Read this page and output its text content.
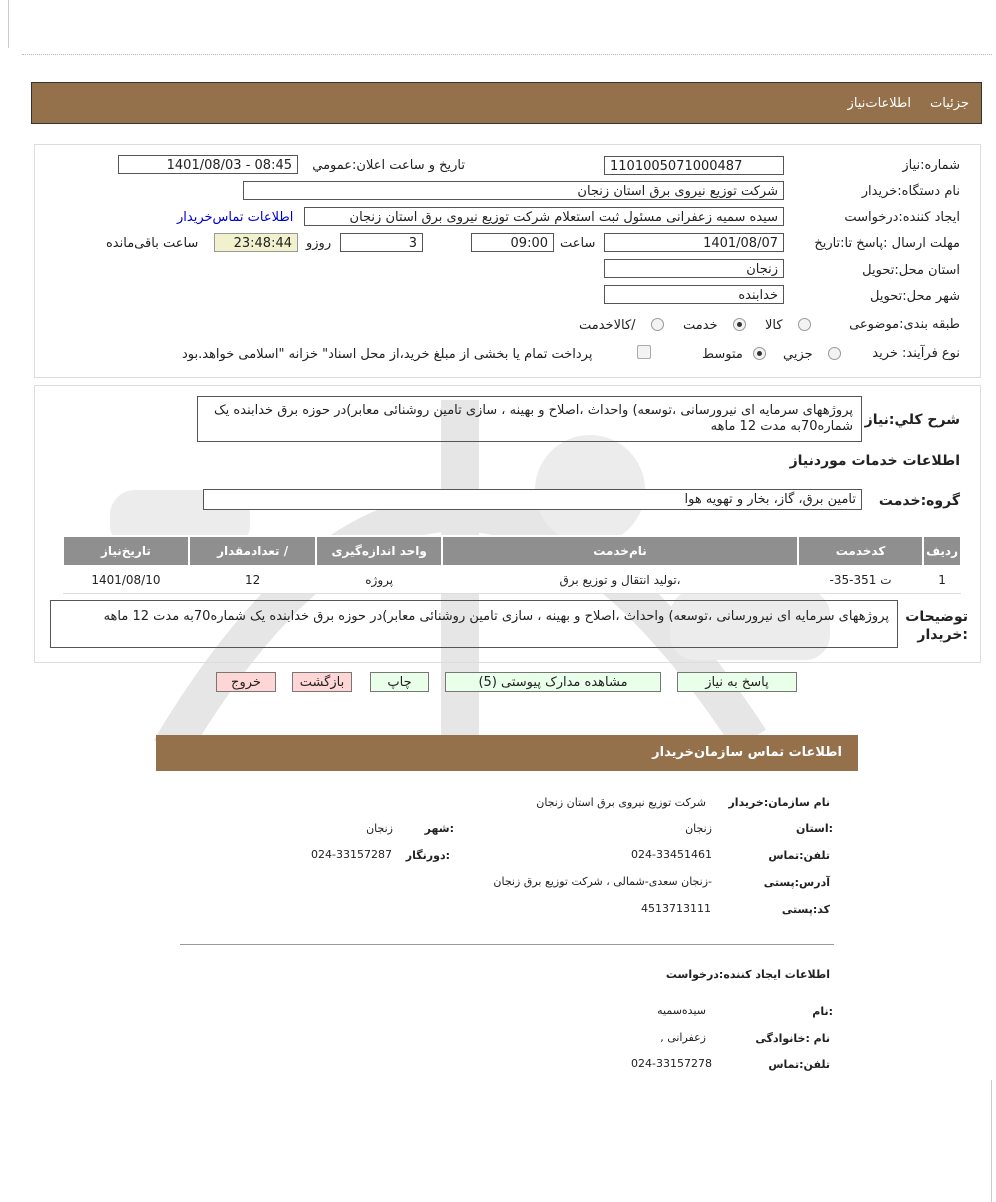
جزئیات
اطلاعات‌نیاز
شماره:نیاز
1101005071000487
تاریخ و ساعت اعلان:عمومي
1401/08/03 - 08:45
نام دستگاه:خريدار
شرکت توزیع نیروی برق استان زنجان
ايجاد کننده:درخواست
سیده سمیه زعفرانی مسئول ثبت استعلام شرکت توزیع نیروی برق استان زنجان
اطلاعات تماس‌خريدار
مهلت ارسال :پاسخ تا:تاریخ
1401/08/07
ساعت
09:00
3
روزو
23:48:44
ساعت باقی‌مانده
استان محل:تحويل
زنجان
شهر محل:تحويل
خدابنده
طبقه بندی:موضوعی
کالا
خدمت
/کالاخدمت
نوع فرآیند: خريد
جزيي
متوسط
پرداخت تمام یا بخشی از مبلغ خرید،از محل اسناد" خزانه "اسلامی خواهد.بود
شرح کلي:نياز
پروژههای سرمایه ای نیرورسانی ،توسعه) واحداث ،اصلاح و بهینه ، سازی تامین روشنائی معابر)در حوزه برق خدابنده یک شماره70به مدت 12 ماهه
اطلاعات خدمات موردنياز
گروه:خدمت
تامین برق، گاز، بخار و تهویه هوا
رديف	کدخدمت	نام‌خدمت	واحد اندازه‌گیری	/ تعدادمقدار	تاريخ‌نياز
1	ت 351-35-	،تولید انتقال و توزیع برق	پروژه	12	1401/08/10
توضيحات :خريدار
پروژههای سرمایه ای نیرورسانی ،توسعه) واحداث ،اصلاح و بهینه ، سازی تامین روشنائی معابر)در حوزه برق خدابنده یک شماره70به مدت 12 ماهه
پاسخ به نياز
مشاهده مدارک پيوستی (5)
چاپ
بازگشت
خروج
اطلاعات تماس سازمان‌خریدار
نام سازمان:خريدار
شرکت توزیع نیروی برق استان زنجان
:استان
زنجان
:شهر
زنجان
تلفن:تماس
024-33451461
:دورنگار
024-33157287
آدرس:پستی
-زنجان سعدی-شمالی ، شرکت توزیع برق زنجان
کد:پستی
4513713111
اطلاعات ایجاد کننده:درخواست
:نام
سیده‌سمیه
نام :خانوادگی
زعفرانی ,
تلفن:تماس
024-33157278
